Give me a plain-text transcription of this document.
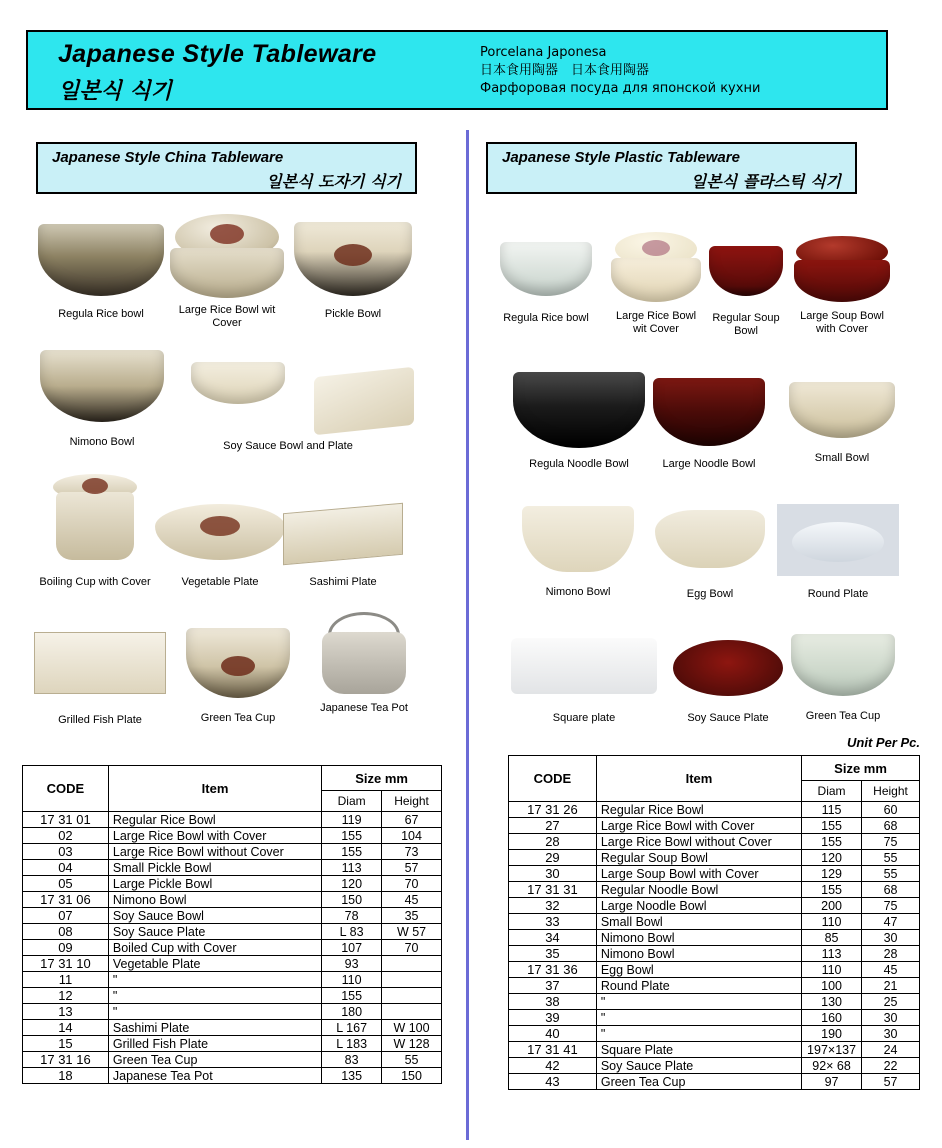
Japanese Style Tableware
일본식 식기
Porcelana Japonesa
日本食用陶器　日本食用陶器
Фарфоровая посуда для японской кухни
Japanese Style China Tableware
일본식 도자기 식기
Japanese Style Plastic Tableware
일본식 플라스틱 식기
Regula Rice bowl	Large Rice Bowl wit Cover
Pickle Bowl
Nimono Bowl	Soy Sauce Bowl and Plate
Boiling Cup with Cover	Vegetable Plate	Sashimi Plate
Grilled Fish Plate	Green Tea Cup
Japanese Tea Pot
Regula Rice bowl	Large Rice Bowl wit Cover
Regular Soup Bowl
Large Soup Bowl with Cover
Regula Noodle Bowl	Large Noodle Bowl	Small Bowl
Nimono Bowl	Egg Bowl	Round Plate
Square plate	Soy Sauce Plate	Green Tea Cup
Unit Per Pc.
CODE	Item	Size mm	
		Diam	Height
17 31 01	Regular Rice Bowl	119	67
02	Large Rice Bowl with Cover	155	104
03	Large Rice Bowl without Cover	155	73
04	Small Pickle Bowl	113	57
05	Large Pickle Bowl	120	70
17 31 06	Nimono Bowl	150	45
07	Soy Sauce Bowl	78	35
08	Soy Sauce Plate	L 83	W 57
09	Boiled Cup with Cover	107	70
17 31 10	Vegetable Plate	93	
11	"	110	
12	"	155	
13	"	180	
14	Sashimi Plate	L 167	W 100
15	Grilled Fish Plate	L 183	W 128
17 31 16	Green Tea Cup	83	55
18	Japanese Tea Pot	135	150
CODE	Item	Size mm	
		Diam	Height
17 31 26	Regular Rice Bowl	115	60
27	Large Rice Bowl with Cover	155	68
28	Large Rice Bowl without Cover	155	75
29	Regular Soup Bowl	120	55
30	Large Soup Bowl with Cover	129	55
17 31 31	Regular Noodle Bowl	155	68
32	Large Noodle Bowl	200	75
33	Small Bowl	110	47
34	Nimono Bowl	85	30
35	Nimono Bowl	113	28
17 31 36	Egg Bowl	110	45
37	Round Plate	100	21
38	"	130	25
39	"	160	30
40	"	190	30
17 31 41	Square Plate	197×137	24
42	Soy Sauce Plate	92× 68	22
43	Green Tea Cup	97	57
